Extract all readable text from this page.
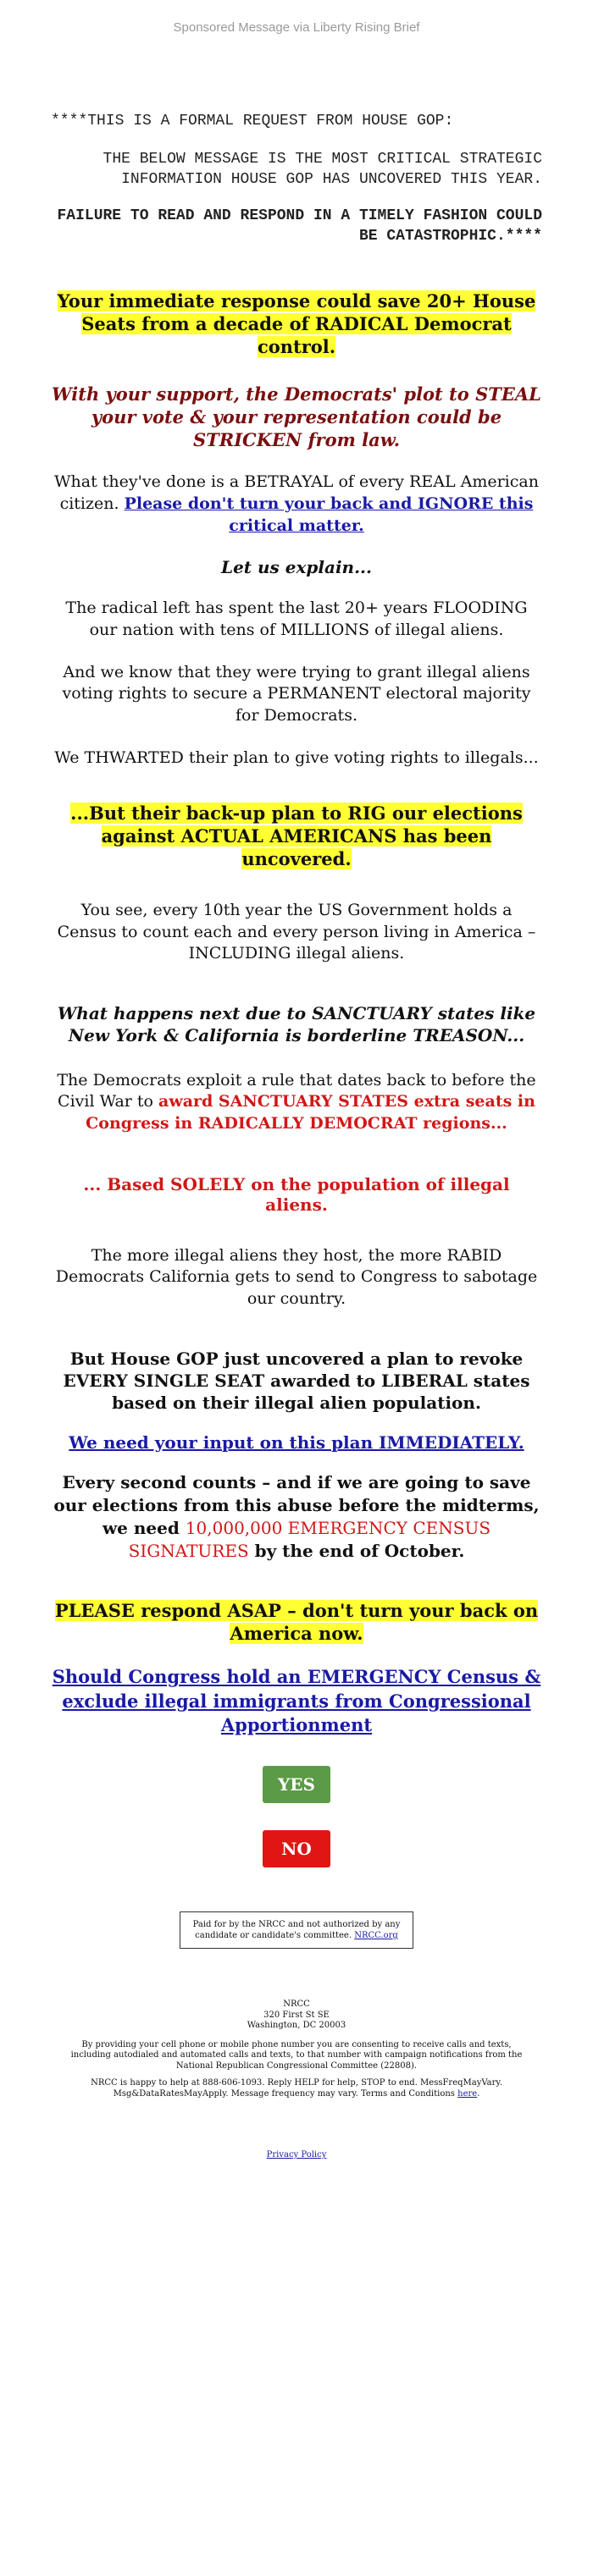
Sponsored Message via Liberty Rising Brief

****THIS IS A FORMAL REQUEST FROM HOUSE GOP:

THE BELOW MESSAGE IS THE MOST CRITICAL STRATEGIC INFORMATION HOUSE GOP HAS UNCOVERED THIS YEAR.

FAILURE TO READ AND RESPOND IN A TIMELY FASHION COULD BE CATASTROPHIC.****

Your immediate response could save 20+ House Seats from a decade of RADICAL Democrat control.

With your support, the Democrats' plot to STEAL your vote & your representation could be STRICKEN from law.

What they've done is a BETRAYAL of every REAL American citizen. Please don't turn your back and IGNORE this critical matter.

Let us explain...

The radical left has spent the last 20+ years FLOODING our nation with tens of MILLIONS of illegal aliens.

And we know that they were trying to grant illegal aliens voting rights to secure a PERMANENT electoral majority for Democrats.

We THWARTED their plan to give voting rights to illegals...

...But their back-up plan to RIG our elections against ACTUAL AMERICANS has been uncovered.

You see, every 10th year the US Government holds a Census to count each and every person living in America – INCLUDING illegal aliens.

What happens next due to SANCTUARY states like New York & California is borderline TREASON...

The Democrats exploit a rule that dates back to before the Civil War to award SANCTUARY STATES extra seats in Congress in RADICALLY DEMOCRAT regions...

... Based SOLELY on the population of illegal aliens.

The more illegal aliens they host, the more RABID Democrats California gets to send to Congress to sabotage our country.

But House GOP just uncovered a plan to revoke EVERY SINGLE SEAT awarded to LIBERAL states based on their illegal alien population.

We need your input on this plan IMMEDIATELY.

Every second counts – and if we are going to save our elections from this abuse before the midterms, we need 10,000,000 EMERGENCY CENSUS SIGNATURES by the end of October.

PLEASE respond ASAP – don't turn your back on America now.

Should Congress hold an EMERGENCY Census & exclude illegal immigrants from Congressional Apportionment

YES
NO
Paid for by the NRCC and not authorized by any candidate or candidate's committee. NRCC.org
NRCC
320 First St SE
Washington, DC 20003

By providing your cell phone or mobile phone number you are consenting to receive calls and texts, including autodialed and automated calls and texts, to that number with campaign notifications from the National Republican Congressional Committee (22808).

NRCC is happy to help at 888-606-1093. Reply HELP for help, STOP to end. MessFreqMayVary. Msg&DataRatesMayApply. Message frequency may vary. Terms and Conditions here.

Privacy Policy
